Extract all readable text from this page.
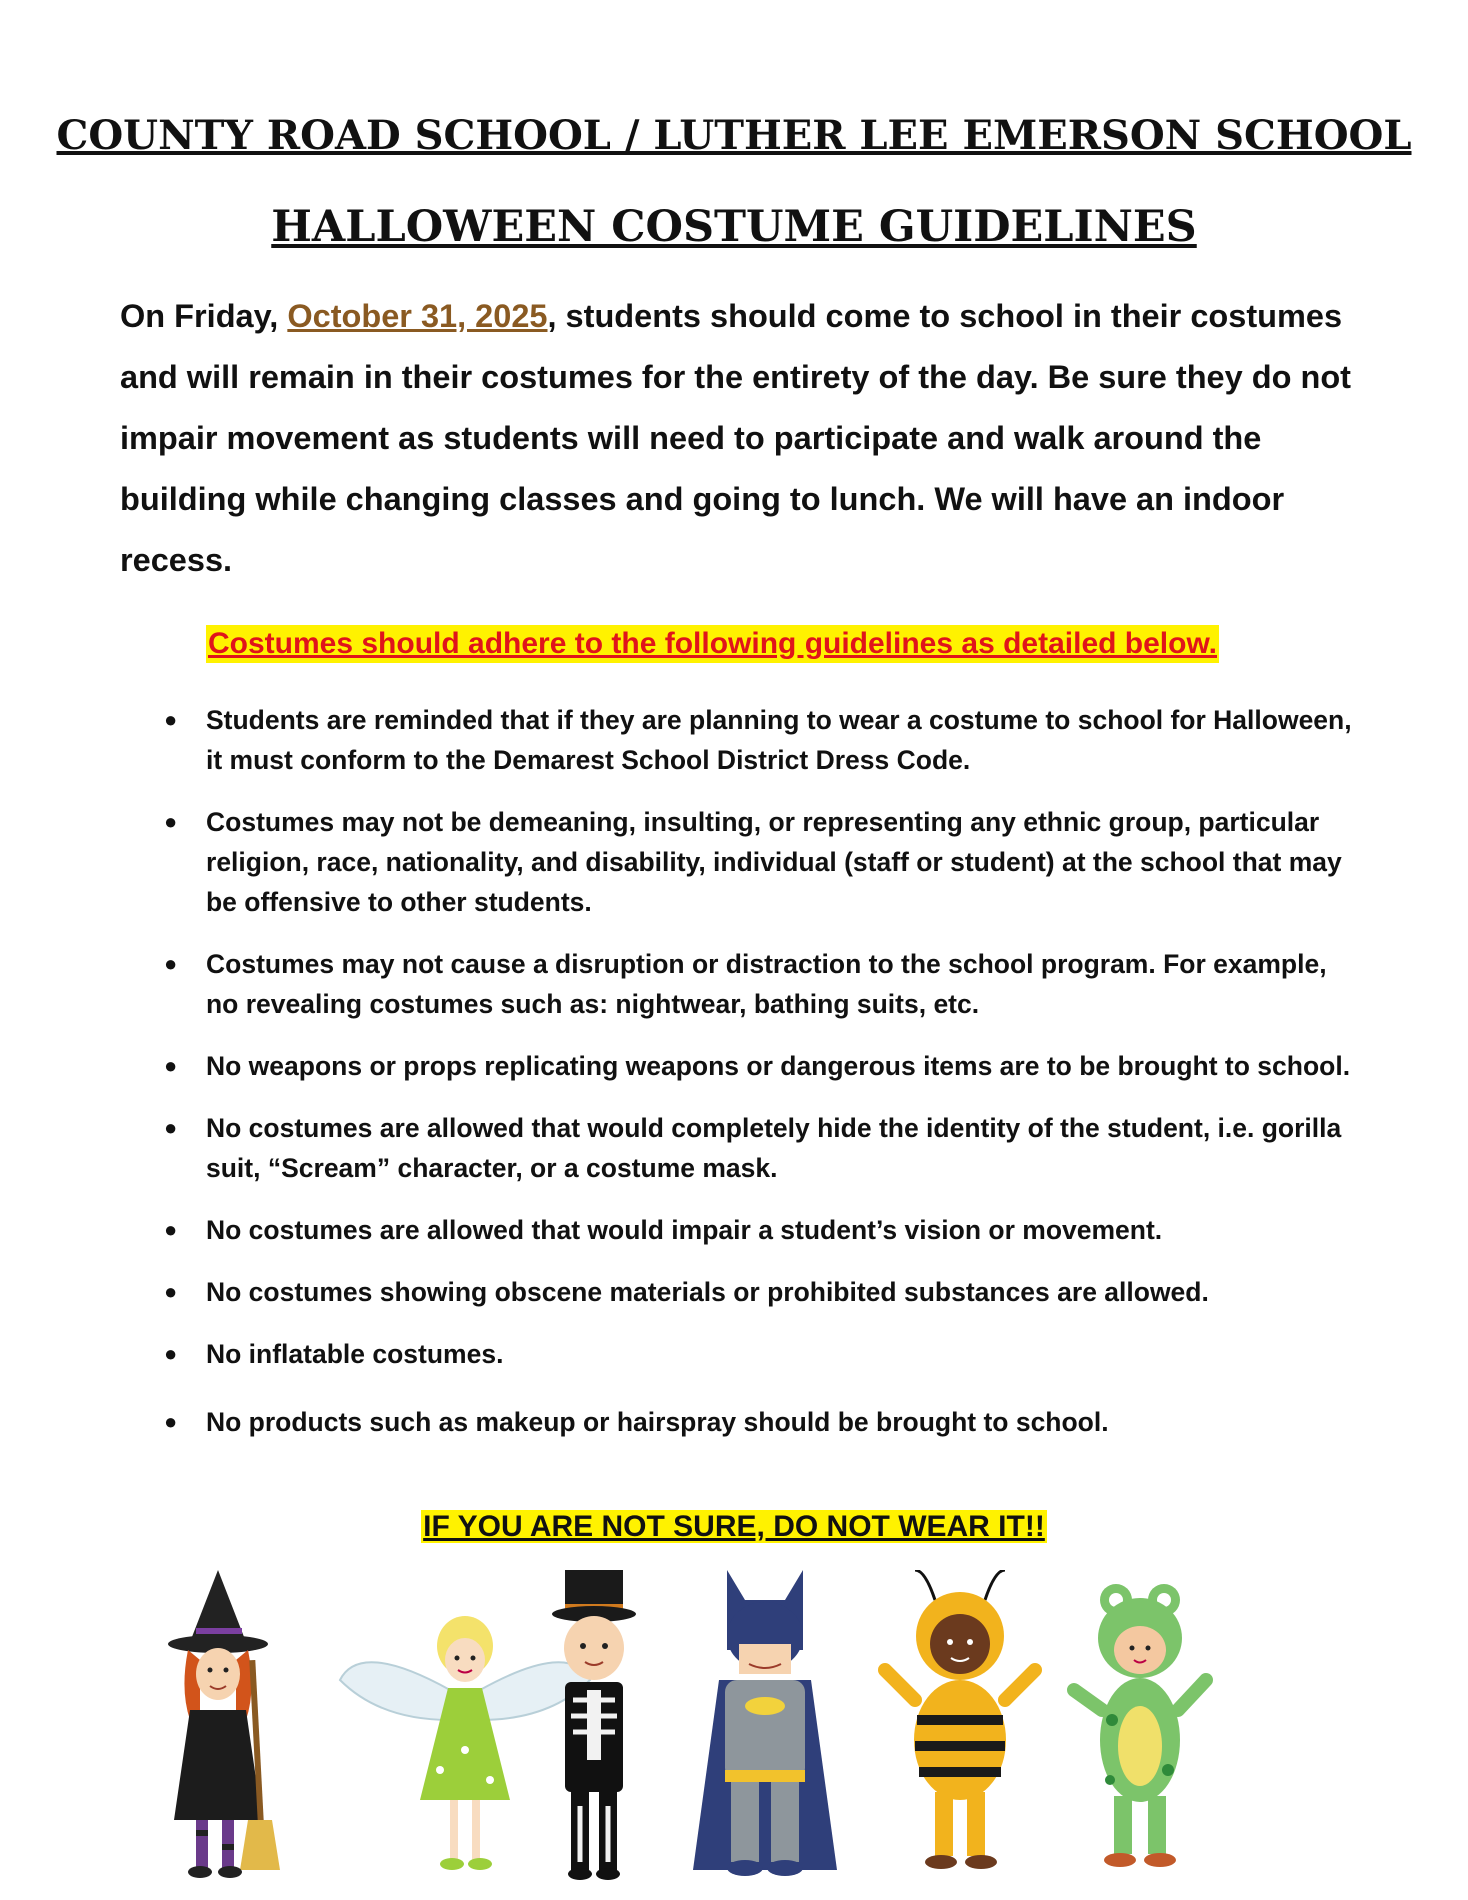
COUNTY ROAD SCHOOL / LUTHER LEE EMERSON SCHOOL
HALLOWEEN COSTUME GUIDELINES
On Friday, October 31, 2025, students should come to school in their costumes and will remain in their costumes for the entirety of the day. Be sure they do not impair movement as students will need to participate and walk around the building while changing classes and going to lunch. We will have an indoor recess.
Costumes should adhere to the following guidelines as detailed below.
● Students are reminded that if they are planning to wear a costume to school for Halloween, it must conform to the Demarest School District Dress Code.
● Costumes may not be demeaning, insulting, or representing any ethnic group, particular religion, race, nationality, and disability, individual (staff or student) at the school that may be offensive to other students.
● Costumes may not cause a disruption or distraction to the school program. For example, no revealing costumes such as: nightwear, bathing suits, etc.
● No weapons or props replicating weapons or dangerous items are to be brought to school.
● No costumes are allowed that would completely hide the identity of the student, i.e. gorilla suit, “Scream” character, or a costume mask.
● No costumes are allowed that would impair a student’s vision or movement.
● No costumes showing obscene materials or prohibited substances are allowed.
● No inflatable costumes.
● No products such as makeup or hairspray should be brought to school.
IF YOU ARE NOT SURE, DO NOT WEAR IT!!
